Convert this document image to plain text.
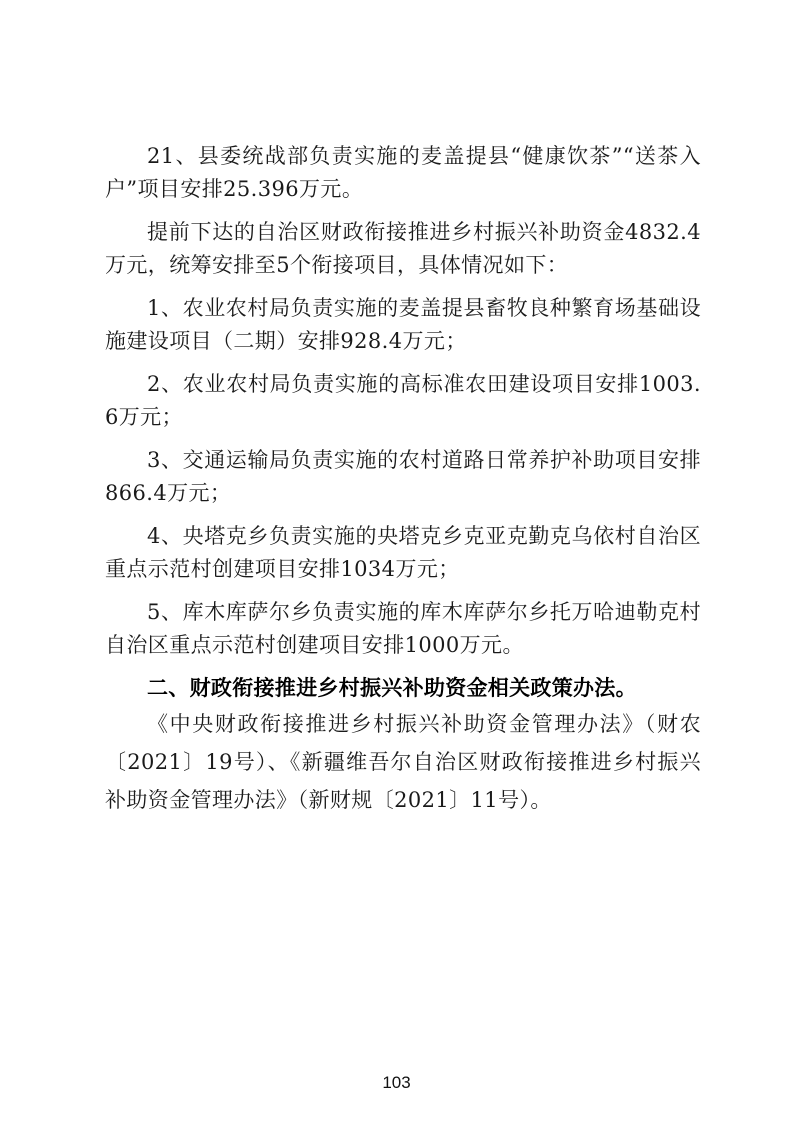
21、县委统战部负责实施的麦盖提县“健康饮茶”“送茶入户”项目安排25.396万元。

提前下达的自治区财政衔接推进乡村振兴补助资金4832.4万元，统筹安排至5个衔接项目，具体情况如下：

1、农业农村局负责实施的麦盖提县畜牧良种繁育场基础设施建设项目（二期）安排928.4万元；

2、农业农村局负责实施的高标准农田建设项目安排1003.6万元；

3、交通运输局负责实施的农村道路日常养护补助项目安排866.4万元；

4、央塔克乡负责实施的央塔克乡克亚克勤克乌依村自治区重点示范村创建项目安排1034万元；

5、库木库萨尔乡负责实施的库木库萨尔乡托万哈迪勒克村自治区重点示范村创建项目安排1000万元。

二、财政衔接推进乡村振兴补助资金相关政策办法。

《中央财政衔接推进乡村振兴补助资金管理办法》（财农〔2021〕19号）、《新疆维吾尔自治区财政衔接推进乡村振兴补助资金管理办法》（新财规〔2021〕11号）。

103
